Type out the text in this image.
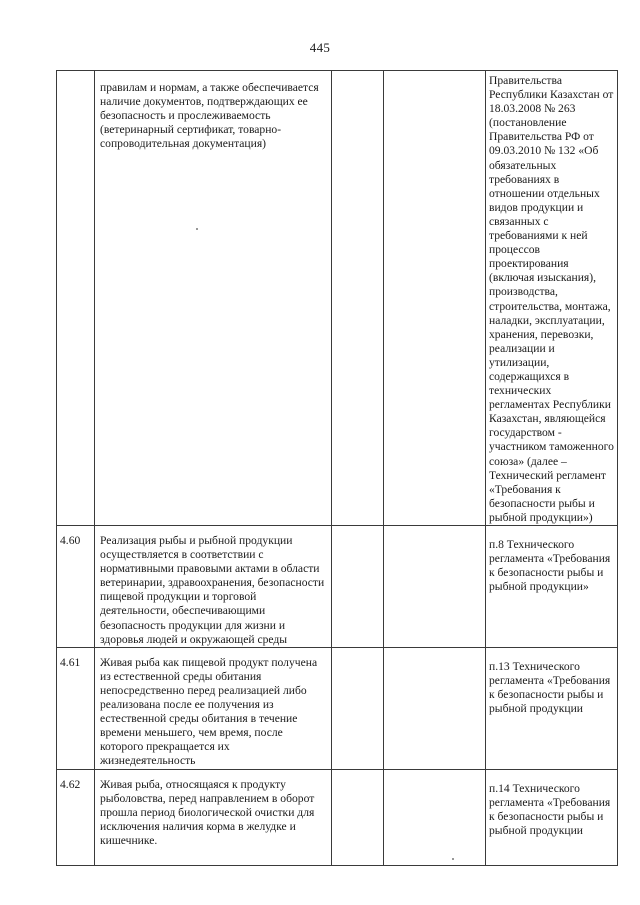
445

	правилам и нормам, а также обеспечивается наличие документов, подтверждающих ее безопасность и прослеживаемость (ветеринарный сертификат, товарно-сопроводительная документация)			Правительства Республики Казахстан от 18.03.2008 № 263 (постановление Правительства РФ от 09.03.2010 № 132 «Об обязательных требованиях в отношении отдельных видов продукции и связанных с требованиями к ней процессов проектирования (включая изыскания), производства, строительства, монтажа, наладки, эксплуатации, хранения, перевозки, реализации и утилизации, содержащихся в технических регламентах Республики Казахстан, являющейся государством - участником таможенного союза» (далее – Технический регламент «Требования к безопасности рыбы и рыбной продукции»)

4.60	Реализация рыбы и рыбной продукции осуществляется в соответствии с нормативными правовыми актами в области ветеринарии, здравоохранения, безопасности пищевой продукции и торговой деятельности, обеспечивающими безопасность продукции для жизни и здоровья людей и окружающей среды			п.8 Технического регламента «Требования к безопасности рыбы и рыбной продукции»

4.61	Живая рыба как пищевой продукт получена из естественной среды обитания непосредственно перед реализацией либо реализована после ее получения из естественной среды обитания в течение времени меньшего, чем время, после которого прекращается их жизнедеятельность			п.13 Технического регламента «Требования к безопасности рыбы и рыбной продукции

4.62	Живая рыба, относящаяся к продукту рыболовства, перед направлением в оборот прошла период биологической очистки для исключения наличия корма в желудке и кишечнике.			п.14 Технического регламента «Требования к безопасности рыбы и рыбной продукции
